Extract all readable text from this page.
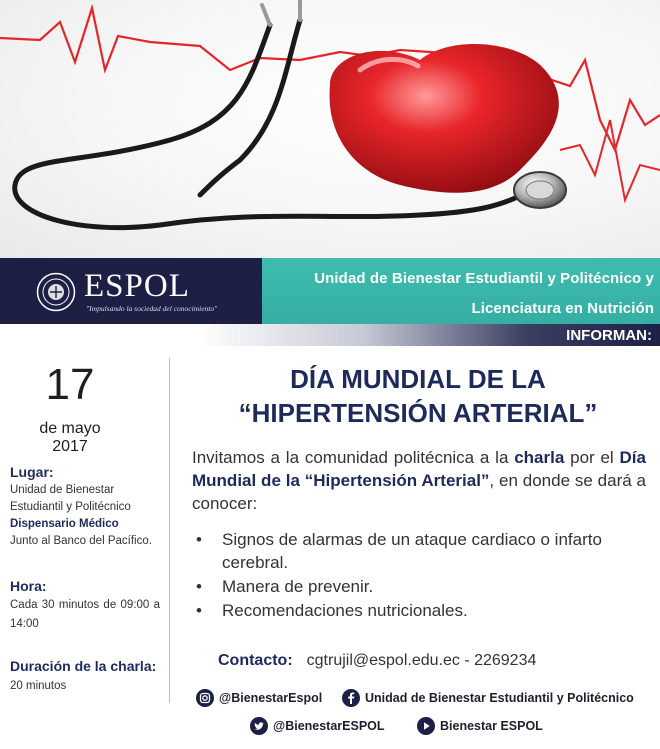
ESPOL
"Impulsando la sociedad del conocimiento"
Unidad de Bienestar Estudiantil y Politécnico y
Licenciatura en Nutrición
INFORMAN:
17
de mayo
2017
Lugar:
Unidad de Bienestar
Estudiantil y Politécnico
Dispensario Médico
Junto al Banco del Pacífico.
Hora:
Cada 30 minutos de 09:00 a 14:00
Duración de la charla:
20 minutos
DÍA MUNDIAL DE LA
“HIPERTENSIÓN ARTERIAL”

Invitamos a la comunidad politécnica a la charla por el Día Mundial de la “Hipertensión Arterial”, en donde se dará a conocer:

• Signos de alarmas de un ataque cardiaco o infarto cerebral.
• Manera de prevenir.
• Recomendaciones nutricionales.
Contacto: cgtrujil@espol.edu.ec - 2269234
@BienestarEspol	Unidad de Bienestar Estudiantil y Politécnico
@BienestarESPOL	Bienestar ESPOL
